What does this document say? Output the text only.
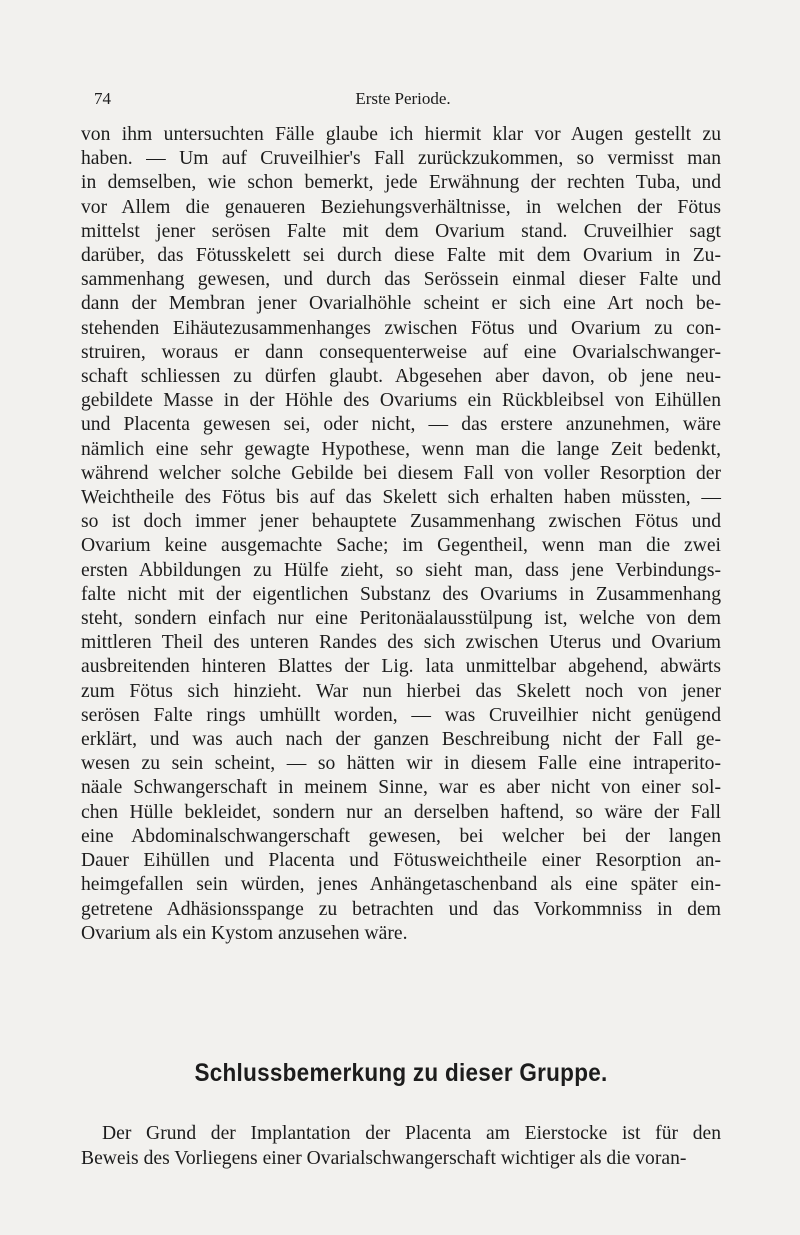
74	Erste Periode.
von ihm untersuchten Fälle glaube ich hiermit klar vor Augen gestellt zu
haben. — Um auf Cruveilhier's Fall zurückzukommen, so vermisst man
in demselben, wie schon bemerkt, jede Erwähnung der rechten Tuba, und
vor Allem die genaueren Beziehungsverhältnisse, in welchen der Fötus
mittelst jener serösen Falte mit dem Ovarium stand. Cruveilhier sagt
darüber, das Fötusskelett sei durch diese Falte mit dem Ovarium in Zu-
sammenhang gewesen, und durch das Serössein einmal dieser Falte und
dann der Membran jener Ovarialhöhle scheint er sich eine Art noch be-
stehenden Eihäutezusammenhanges zwischen Fötus und Ovarium zu con-
struiren, woraus er dann consequenterweise auf eine Ovarialschwanger-
schaft schliessen zu dürfen glaubt. Abgesehen aber davon, ob jene neu-
gebildete Masse in der Höhle des Ovariums ein Rückbleibsel von Eihüllen
und Placenta gewesen sei, oder nicht, — das erstere anzunehmen, wäre
nämlich eine sehr gewagte Hypothese, wenn man die lange Zeit bedenkt,
während welcher solche Gebilde bei diesem Fall von voller Resorption der
Weichtheile des Fötus bis auf das Skelett sich erhalten haben müssten, —
so ist doch immer jener behauptete Zusammenhang zwischen Fötus und
Ovarium keine ausgemachte Sache; im Gegentheil, wenn man die zwei
ersten Abbildungen zu Hülfe zieht, so sieht man, dass jene Verbindungs-
falte nicht mit der eigentlichen Substanz des Ovariums in Zusammenhang
steht, sondern einfach nur eine Peritonäalausstülpung ist, welche von dem
mittleren Theil des unteren Randes des sich zwischen Uterus und Ovarium
ausbreitenden hinteren Blattes der Lig. lata unmittelbar abgehend, abwärts
zum Fötus sich hinzieht. War nun hierbei das Skelett noch von jener
serösen Falte rings umhüllt worden, — was Cruveilhier nicht genügend
erklärt, und was auch nach der ganzen Beschreibung nicht der Fall ge-
wesen zu sein scheint, — so hätten wir in diesem Falle eine intraperito-
näale Schwangerschaft in meinem Sinne, war es aber nicht von einer sol-
chen Hülle bekleidet, sondern nur an derselben haftend, so wäre der Fall
eine Abdominalschwangerschaft gewesen, bei welcher bei der langen
Dauer Eihüllen und Placenta und Fötusweichtheile einer Resorption an-
heimgefallen sein würden, jenes Anhängetaschenband als eine später ein-
getretene Adhäsionsspange zu betrachten und das Vorkommniss in dem
Ovarium als ein Kystom anzusehen wäre.
Schlussbemerkung zu dieser Gruppe.
Der Grund der Implantation der Placenta am Eierstocke ist für den
Beweis des Vorliegens einer Ovarialschwangerschaft wichtiger als die voran-
